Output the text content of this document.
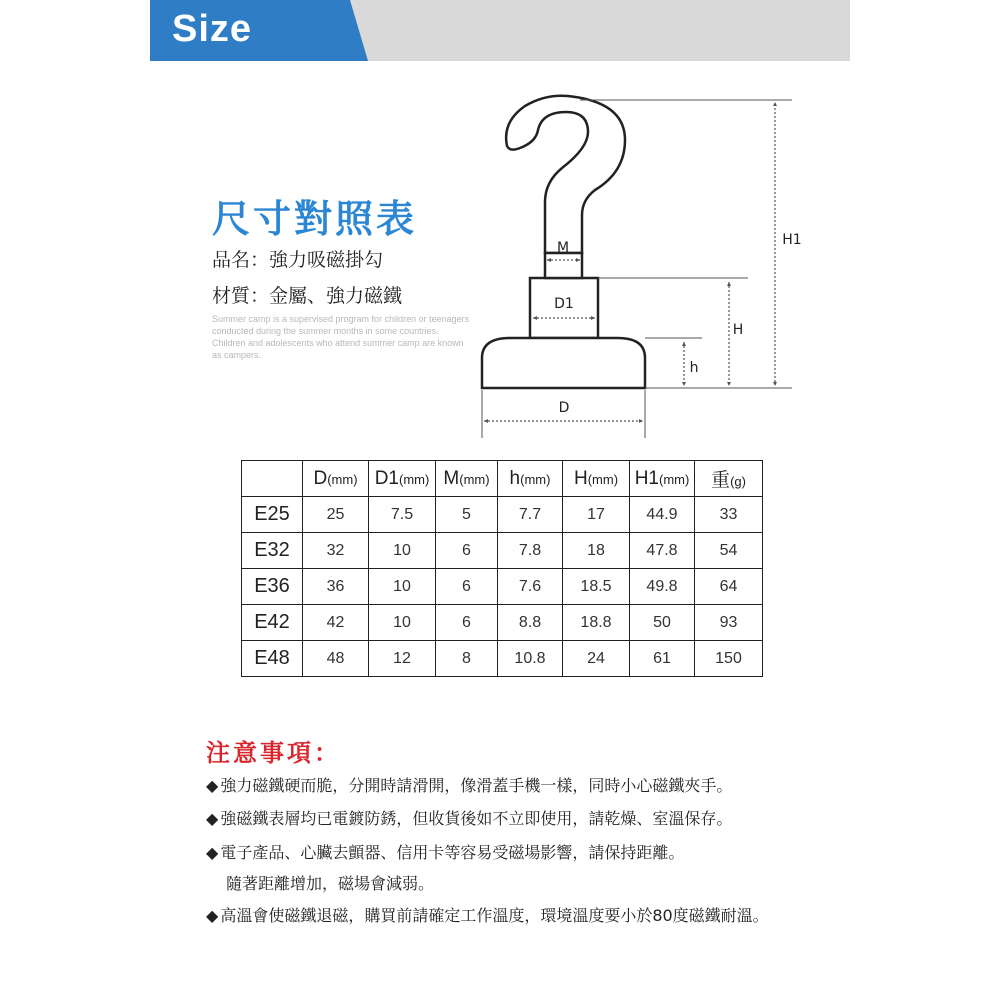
Size
尺寸對照表
品名：強力吸磁掛勾
材質：金屬、強力磁鐵

Summer camp is a supervised program for children or teenagers conducted during the summer months in some countries.

Children and adolescents who attend summer camp are known as campers.

M
D1
D
h
H
H1
	D(mm)	D1(mm)	M(mm)	h(mm)	H(mm)	H1(mm)	重(g)
E25	25	7.5	5	7.7	17	44.9	33
E32	32	10	6	7.8	18	47.8	54
E36	36	10	6	7.6	18.5	49.8	64
E42	42	10	6	8.8	18.8	50	93
E48	48	12	8	10.8	24	61	150
注意事項：
◆ 強力磁鐵硬而脆，分開時請滑開，像滑蓋手機一樣，同時小心磁鐵夾手。
◆ 強磁鐵表層均已電鍍防銹，但收貨後如不立即使用，請乾燥、室溫保存。
◆ 電子產品、心臟去顫器、信用卡等容易受磁場影響，請保持距離。
隨著距離增加，磁場會減弱。
◆ 高溫會使磁鐵退磁，購買前請確定工作溫度，環境溫度要小於80度磁鐵耐溫。
